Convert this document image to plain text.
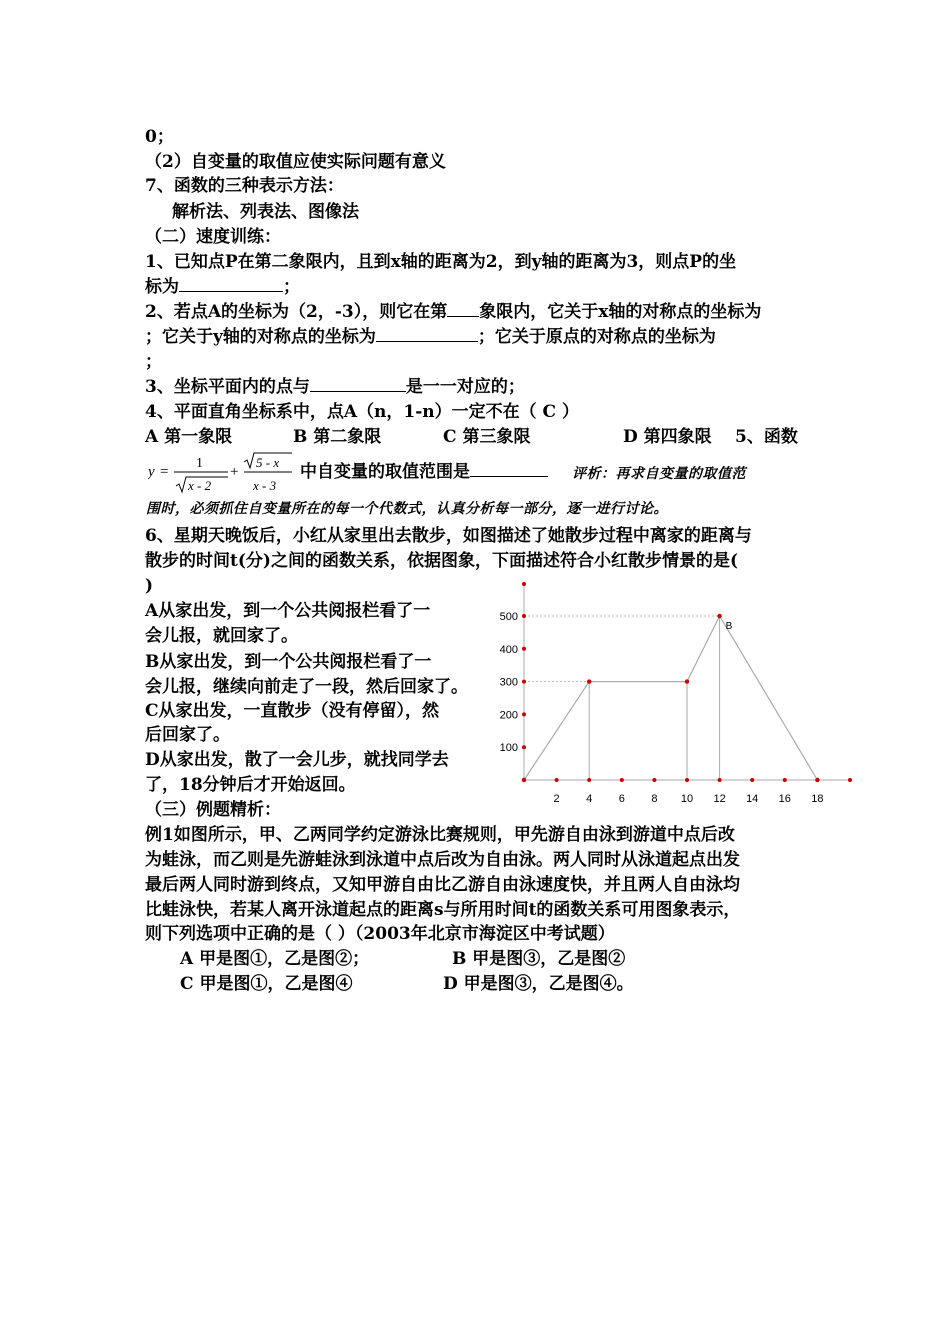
0；
（2）自变量的取值应使实际问题有意义
7、函数的三种表示方法：
解析法、列表法、图像法
（二）速度训练：
1、已知点P在第二象限内，且到x轴的距离为2，到y轴的距离为3，则点P的坐
标为	；
2、若点A的坐标为（2，-3），则它在第 象限内，它关于x轴的对称点的坐标为
；它关于y轴的对称点的坐标为	；它关于原点的对称点的坐标为
；
3、坐标平面内的点与	是一一对应的；
4、平面直角坐标系中，点A（n，1-n）一定不在（ C ）
A 第一象限	B 第二象限	C 第三象限	D 第四象限 5、函数
y =
1
x - 2
+
5 - x
x - 3
中自变量的取值范围是	评析：再求自变量的取值范
围时，必须抓住自变量所在的每一个代数式，认真分析每一部分，逐一进行讨论。
6、星期天晚饭后，小红从家里出去散步，如图描述了她散步过程中离家的距离与
散步的时间t(分)之间的函数关系，依据图象，下面描述符合小红散步情景的是(
)
A从家出发，到一个公共阅报栏看了一
会儿报，就回家了。
B从家出发，到一个公共阅报栏看了一
会儿报，继续向前走了一段，然后回家了。
C从家出发，一直散步（没有停留），然
后回家了。
D从家出发，散了一会儿步，就找同学去
了，18分钟后才开始返回。
（三）例题精析：
例1如图所示，甲、乙两同学约定游泳比赛规则，甲先游自由泳到游道中点后改
为蛙泳，而乙则是先游蛙泳到泳道中点后改为自由泳。两人同时从泳道起点出发
最后两人同时游到终点，又知甲游自由比乙游自由泳速度快，并且两人自由泳均
比蛙泳快，若某人离开泳道起点的距离s与所用时间t的函数关系可用图象表示，
则下列选项中正确的是（ ）（2003年北京市海淀区中考试题）
A 甲是图①，乙是图②；	B 甲是图③，乙是图②
C 甲是图①，乙是图④	D 甲是图③，乙是图④。
2 4 6 8 10 12 14 16 18
100
200
300
400
500
B
